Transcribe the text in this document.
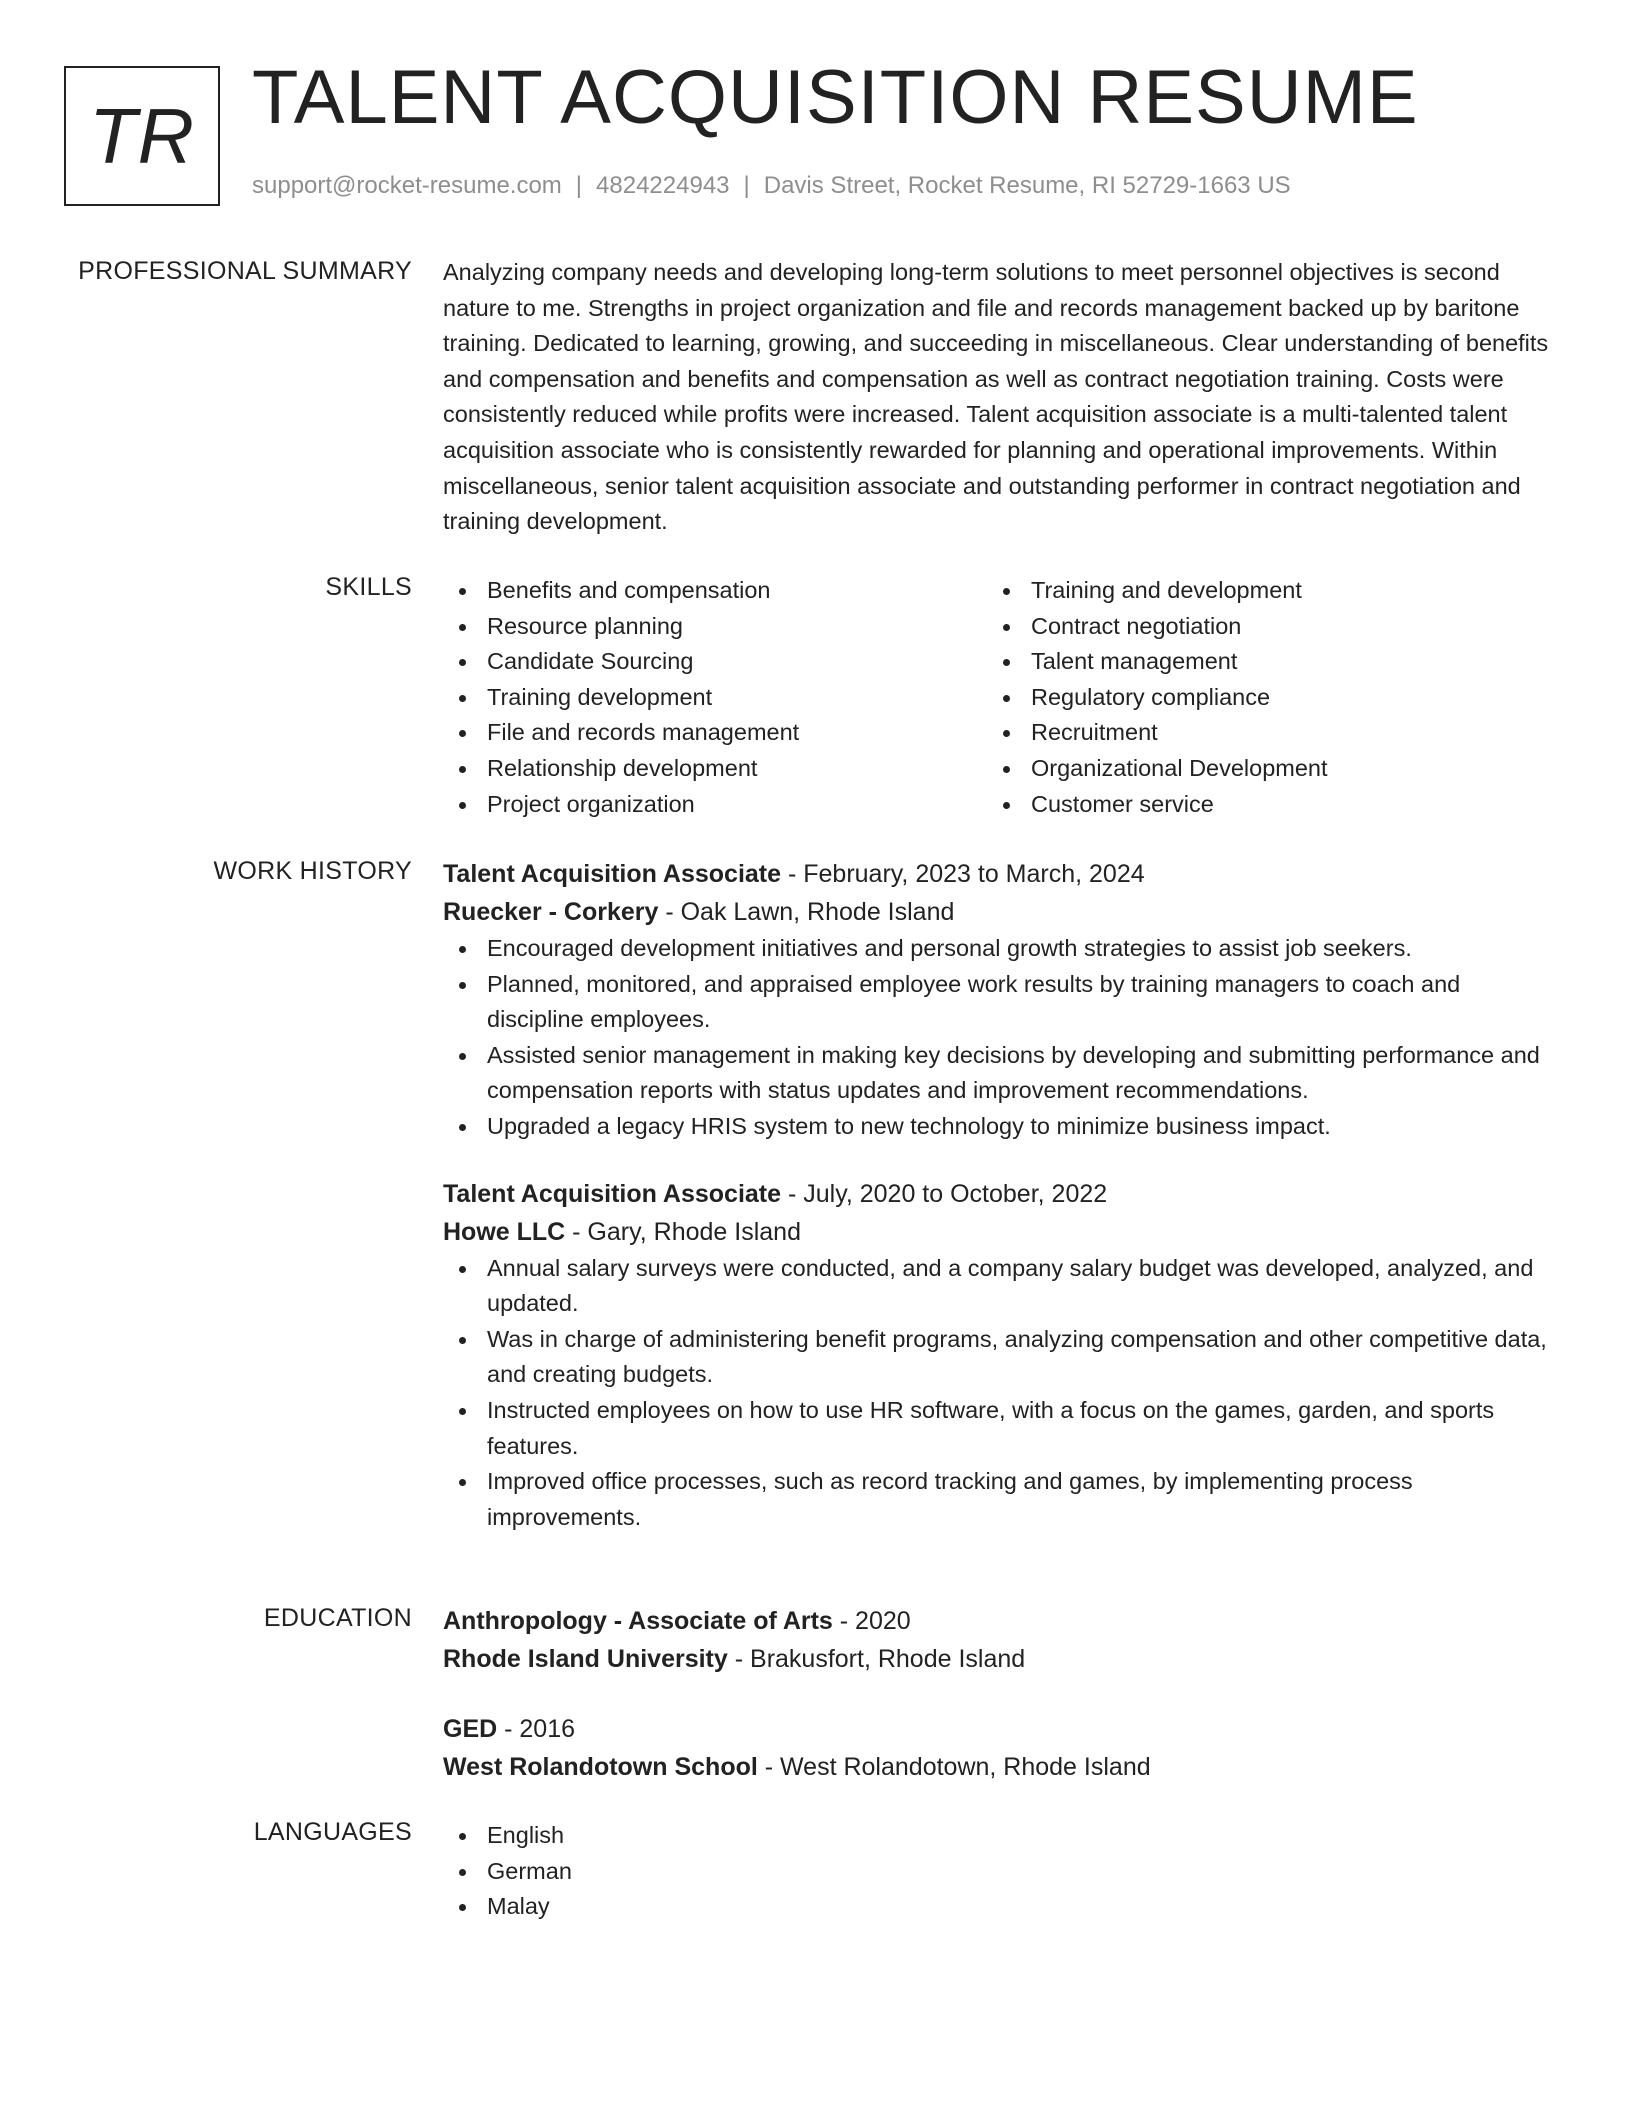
TR TALENT ACQUISITION RESUME
support@rocket-resume.com | 4824224943 | Davis Street, Rocket Resume, RI 52729-1663 US
PROFESSIONAL SUMMARY Analyzing company needs and developing long-term solutions to meet personnel objectives is second nature to me. Strengths in project organization and file and records management backed up by baritone training. Dedicated to learning, growing, and succeeding in miscellaneous. Clear understanding of benefits and compensation and benefits and compensation as well as contract negotiation training. Costs were consistently reduced while profits were increased. Talent acquisition associate is a multi-talented talent acquisition associate who is consistently rewarded for planning and operational improvements. Within miscellaneous, senior talent acquisition associate and outstanding performer in contract negotiation and training development.

SKILLS	Benefits and compensation
Resource planning
Candidate Sourcing
Training development
File and records management
Relationship development
Project organization
Training and development
Contract negotiation
Talent management
Regulatory compliance
Recruitment
Organizational Development
Customer service
WORK HISTORY Talent Acquisition Associate - February, 2023 to March, 2024
Ruecker - Corkery - Oak Lawn, Rhode Island
Encouraged development initiatives and personal growth strategies to assist job seekers.
Planned, monitored, and appraised employee work results by training managers to coach and discipline employees.
Assisted senior management in making key decisions by developing and submitting performance and compensation reports with status updates and improvement recommendations.
Upgraded a legacy HRIS system to new technology to minimize business impact.
Talent Acquisition Associate - July, 2020 to October, 2022
Howe LLC - Gary, Rhode Island
Annual salary surveys were conducted, and a company salary budget was developed, analyzed, and updated.
Was in charge of administering benefit programs, analyzing compensation and other competitive data, and creating budgets.
Instructed employees on how to use HR software, with a focus on the games, garden, and sports features.
Improved office processes, such as record tracking and games, by implementing process improvements.
EDUCATION Anthropology - Associate of Arts - 2020
Rhode Island University - Brakusfort, Rhode Island
GED - 2016
West Rolandotown School - West Rolandotown, Rhode Island
LANGUAGES	English
German
Malay
